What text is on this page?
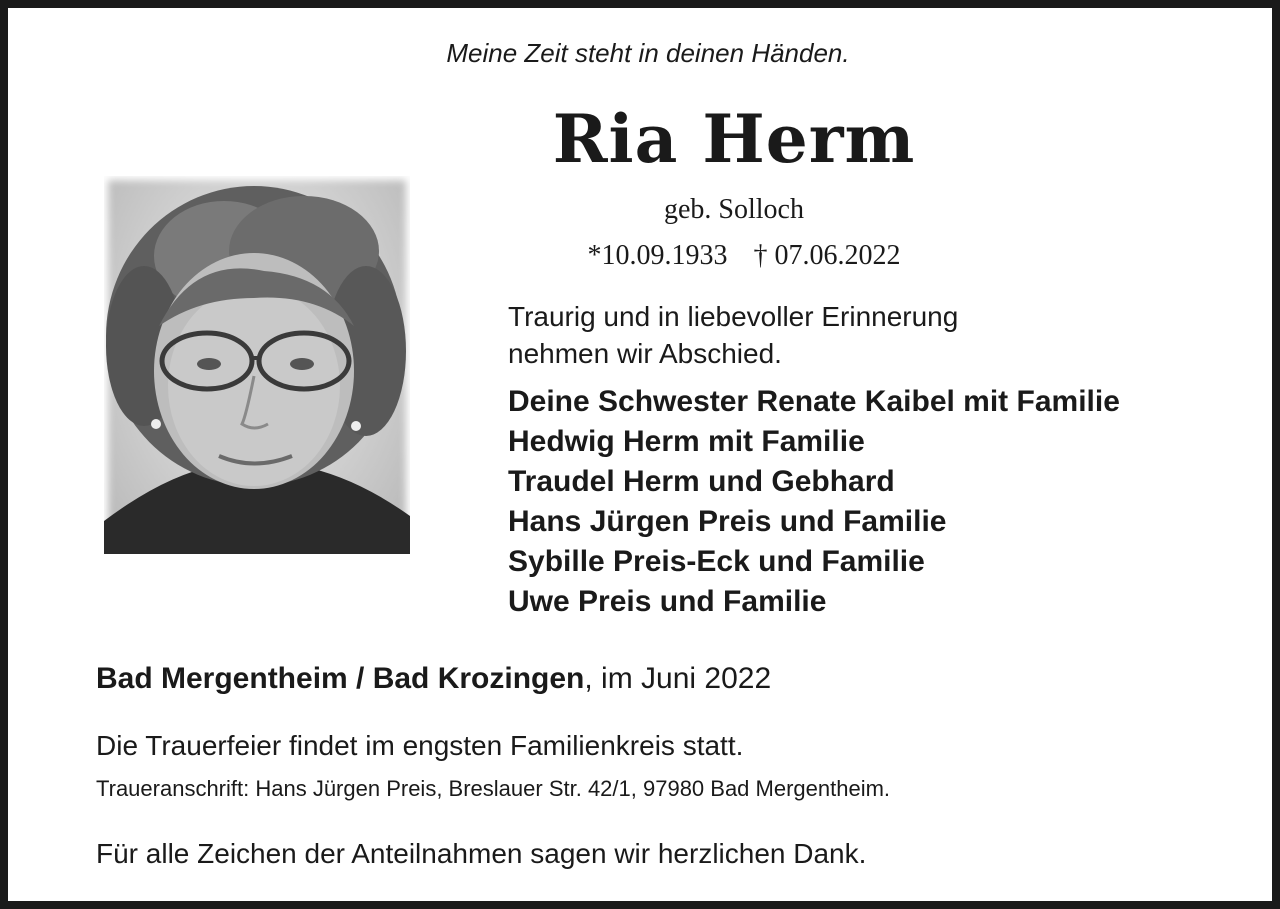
Meine Zeit steht in deinen Händen.
Ria Herm
geb. Solloch
*10.09.1933 † 07.06.2022
Traurig und in liebevoller Erinnerung
nehmen wir Abschied.
Deine Schwester Renate Kaibel mit Familie
Hedwig Herm mit Familie
Traudel Herm und Gebhard
Hans Jürgen Preis und Familie
Sybille Preis-Eck und Familie
Uwe Preis und Familie
Bad Mergentheim / Bad Krozingen, im Juni 2022
Die Trauerfeier findet im engsten Familienkreis statt.
Traueranschrift: Hans Jürgen Preis, Breslauer Str. 42/1, 97980 Bad Mergentheim.
Für alle Zeichen der Anteilnahmen sagen wir herzlichen Dank.
